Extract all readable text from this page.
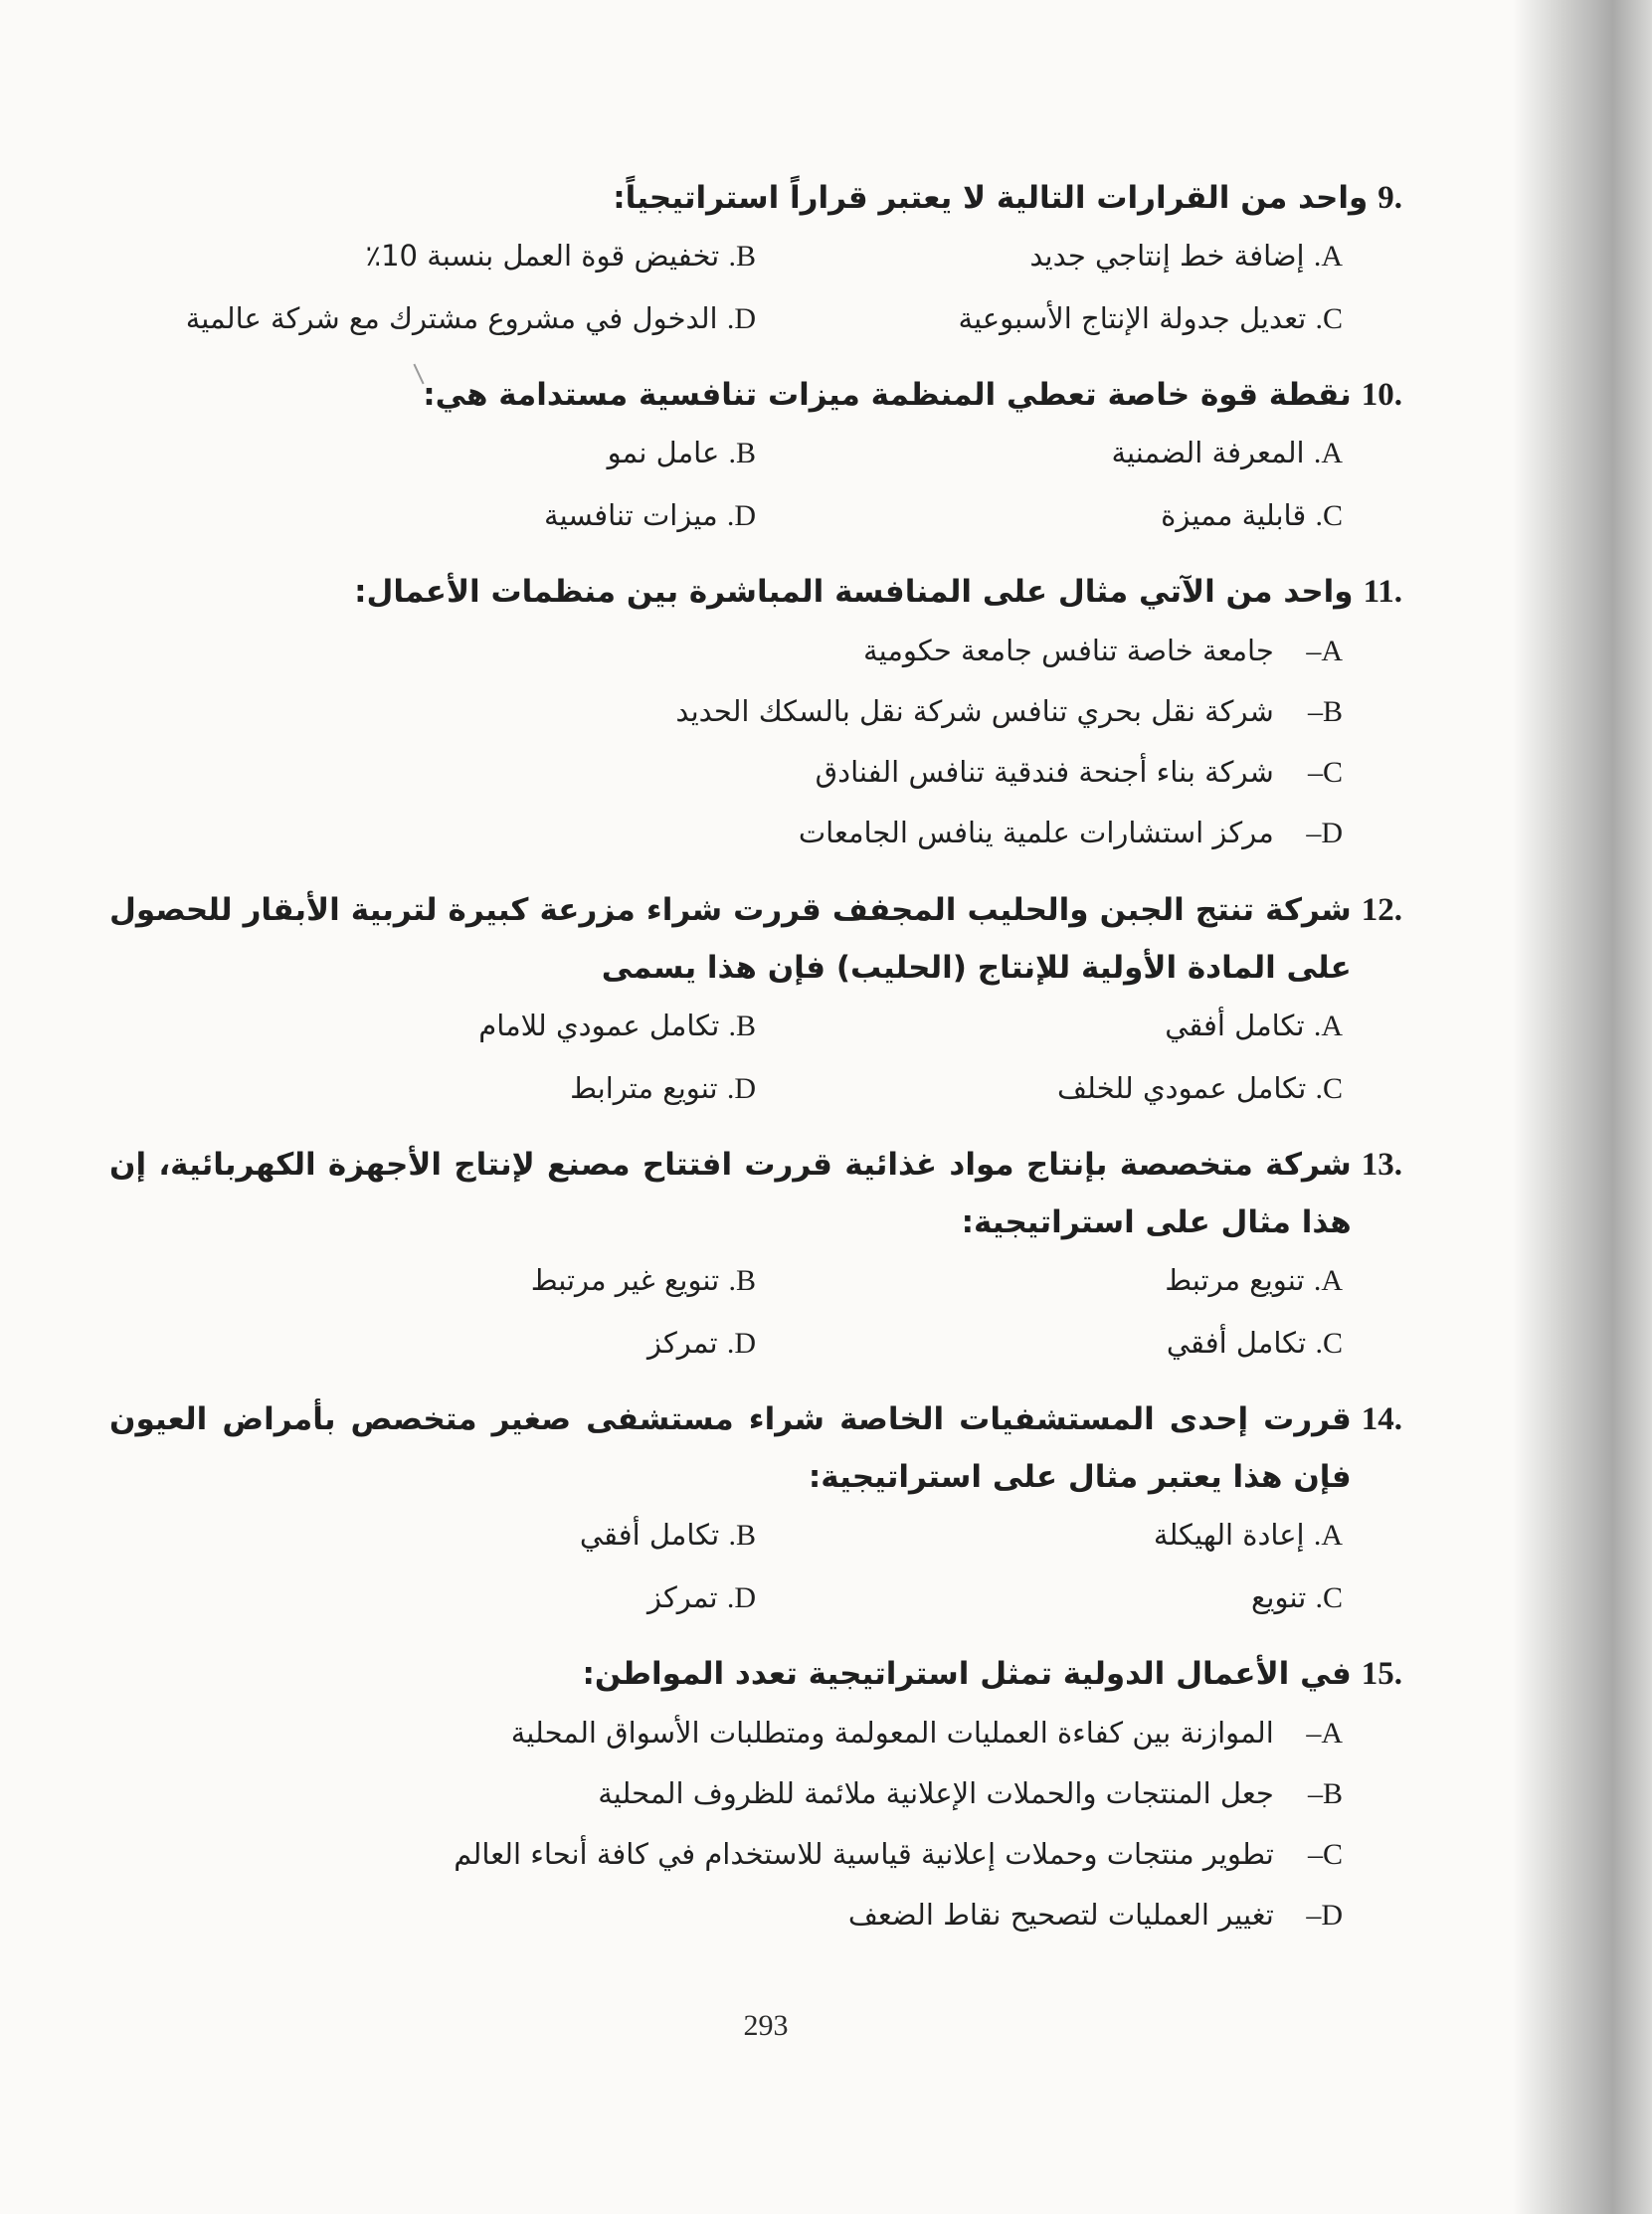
9.
واحد من القرارات التالية لا يعتبر قراراً استراتيجياً:
A. إضافة خط إنتاجي جديد
B. تخفيض قوة العمل بنسبة 10٪
C. تعديل جدولة الإنتاج الأسبوعية
D. الدخول في مشروع مشترك مع شركة عالمية
10.
نقطة قوة خاصة تعطي المنظمة ميزات تنافسية مستدامة هي:
A. المعرفة الضمنية
B. عامل نمو
C. قابلية مميزة
D. ميزات تنافسية
11.
واحد من الآتي مثال على المنافسة المباشرة بين منظمات الأعمال:
A– جامعة خاصة تنافس جامعة حكومية
B– شركة نقل بحري تنافس شركة نقل بالسكك الحديد
C– شركة بناء أجنحة فندقية تنافس الفنادق
D– مركز استشارات علمية ينافس الجامعات
12.
شركة تنتج الجبن والحليب المجفف قررت شراء مزرعة كبيرة لتربية الأبقار للحصول على المادة الأولية للإنتاج (الحليب) فإن هذا يسمى
A. تكامل أفقي
B. تكامل عمودي للامام
C. تكامل عمودي للخلف
D. تنويع مترابط
13.
شركة متخصصة بإنتاج مواد غذائية قررت افتتاح مصنع لإنتاج الأجهزة الكهربائية، إن هذا مثال على استراتيجية:
A. تنويع مرتبط
B. تنويع غير مرتبط
C. تكامل أفقي
D. تمركز
14.
قررت إحدى المستشفيات الخاصة شراء مستشفى صغير متخصص بأمراض العيون فإن هذا يعتبر مثال على استراتيجية:
A. إعادة الهيكلة
B. تكامل أفقي
C. تنويع
D. تمركز
15.
في الأعمال الدولية تمثل استراتيجية تعدد المواطن:
A– الموازنة بين كفاءة العمليات المعولمة ومتطلبات الأسواق المحلية
B– جعل المنتجات والحملات الإعلانية ملائمة للظروف المحلية
C– تطوير منتجات وحملات إعلانية قياسية للاستخدام في كافة أنحاء العالم
D– تغيير العمليات لتصحيح نقاط الضعف
293
